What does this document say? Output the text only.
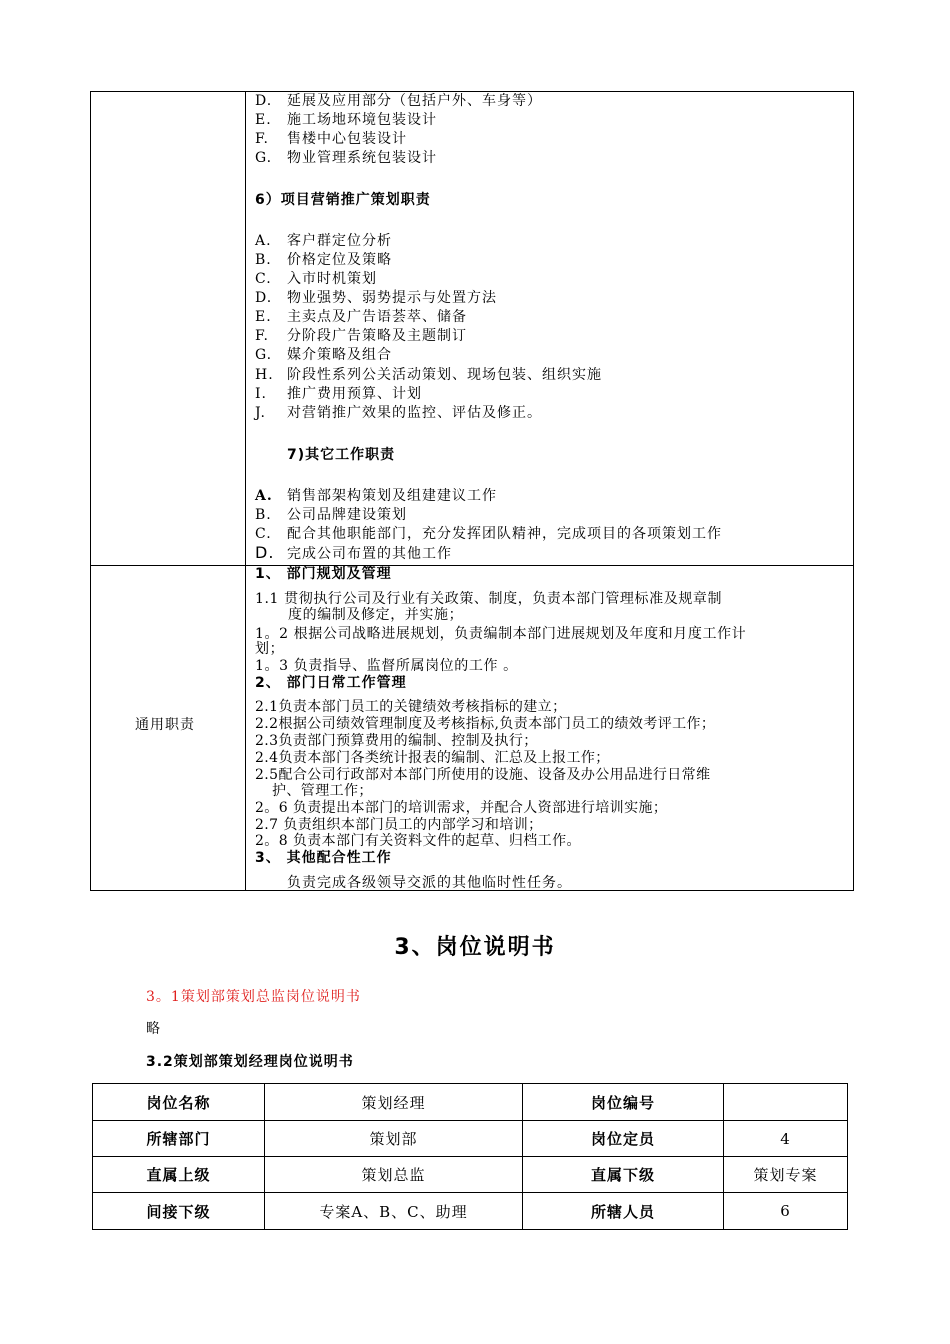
D. 延展及应用部分（包括户外、车身等）
E. 施工场地环境包装设计
F. 售楼中心包装设计
G. 物业管理系统包装设计
6）项目营销推广策划职责
A. 客户群定位分析
B. 价格定位及策略
C. 入市时机策划
D. 物业强势、弱势提示与处置方法
E. 主卖点及广告语荟萃、储备
F. 分阶段广告策略及主题制订
G. 媒介策略及组合
H. 阶段性系列公关活动策划、现场包装、组织实施
I. 推广费用预算、计划
J. 对营销推广效果的监控、评估及修正。
7)其它工作职责
A. 销售部架构策划及组建建议工作
B. 公司品牌建设策划
C. 配合其他职能部门，充分发挥团队精神，完成项目的各项策划工作
D. 完成公司布置的其他工作
通用职责
1、 部门规划及管理
1.1 贯彻执行公司及行业有关政策、制度，负责本部门管理标准及规章制
度的编制及修定，并实施；
1。2 根据公司战略进展规划，负责编制本部门进展规划及年度和月度工作计
划；
1。3 负责指导、监督所属岗位的工作 。
2、 部门日常工作管理
2.1负责本部门员工的关键绩效考核指标的建立；
2.2根据公司绩效管理制度及考核指标,负责本部门员工的绩效考评工作；
2.3负责部门预算费用的编制、控制及执行；
2.4负责本部门各类统计报表的编制、汇总及上报工作；
2.5配合公司行政部对本部门所使用的设施、设备及办公用品进行日常维
护、管理工作；
2。6 负责提出本部门的培训需求，并配合人资部进行培训实施；
2.7 负责组织本部门员工的内部学习和培训；
2。8 负责本部门有关资料文件的起草、归档工作。
3、 其他配合性工作
负责完成各级领导交派的其他临时性任务。
3、岗位说明书
3。1策划部策划总监岗位说明书
略
3.2策划部策划经理岗位说明书
岗位名称	策划经理	岗位编号
所辖部门	策划部	岗位定员	4
直属上级	策划总监	直属下级	策划专案
间接下级	专案A、B、C、助理	所辖人员	6
